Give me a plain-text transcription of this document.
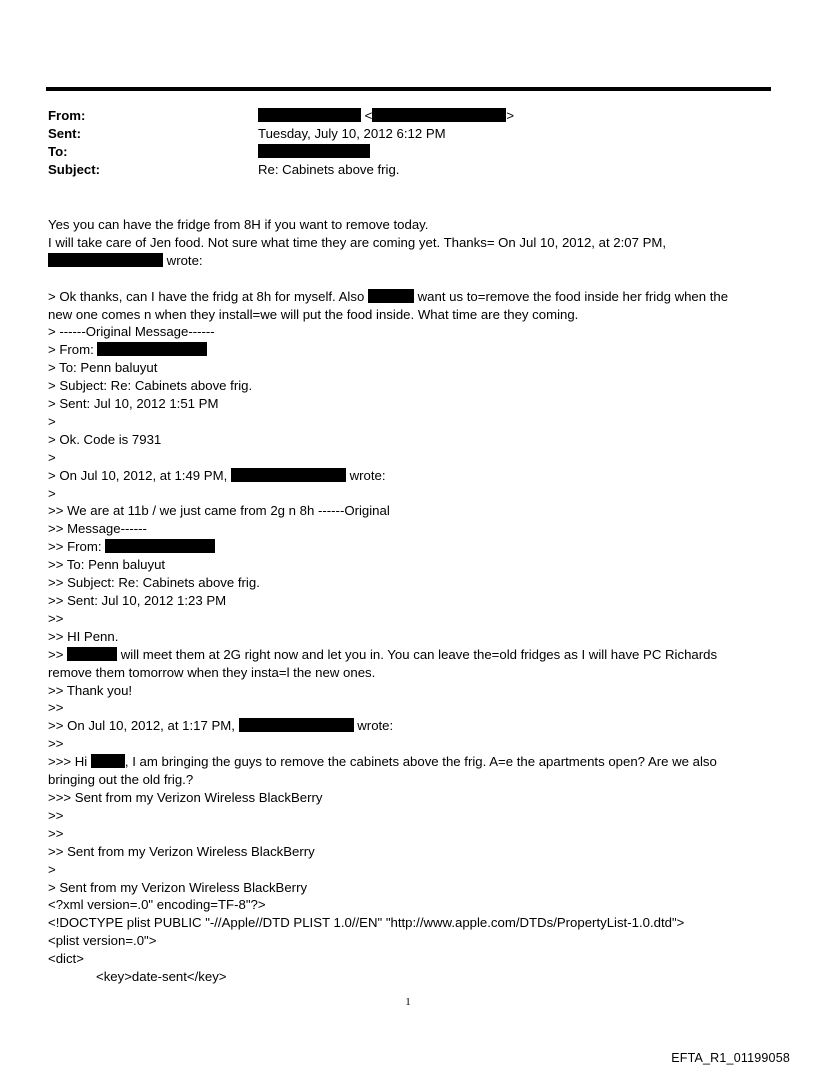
From:	<	>
Sent:	Tuesday, July 10, 2012 6:12 PM
To:
Subject:	Re: Cabinets above frig.
Yes you can have the fridge from 8H if you want to remove today.
I will take care of Jen food. Not sure what time they are coming yet. Thanks= On Jul 10, 2012, at 2:07 PM,
wrote:
> Ok thanks, can I have the fridg at 8h for myself. Also	want us to=remove the food inside her fridg when the
new one comes n when they install=we will put the food inside. What time are they coming.
> ------Original Message------
> From:
> To: Penn baluyut
> Subject: Re: Cabinets above frig.
> Sent: Jul 10, 2012 1:51 PM
>
> Ok. Code is 7931
>
> On Jul 10, 2012, at 1:49 PM,	wrote:
>
>> We are at 11b / we just came from 2g n 8h ------Original
>> Message------
>> From:
>> To: Penn baluyut
>> Subject: Re: Cabinets above frig.
>> Sent: Jul 10, 2012 1:23 PM
>>
>> HI Penn.
>>	will meet them at 2G right now and let you in. You can leave the=old fridges as I will have PC Richards
remove them tomorrow when they insta=l the new ones.
>> Thank you!
>>
>> On Jul 10, 2012, at 1:17 PM,	wrote:
>>
>>> Hi	, I am bringing the guys to remove the cabinets above the frig. A=e the apartments open? Are we also
bringing out the old frig.?
>>> Sent from my Verizon Wireless BlackBerry
>>
>>
>> Sent from my Verizon Wireless BlackBerry
>
> Sent from my Verizon Wireless BlackBerry
<?xml version=.0" encoding=TF-8"?>
<!DOCTYPE plist PUBLIC "-//Apple//DTD PLIST 1.0//EN" "http://www.apple.com/DTDs/PropertyList-1.0.dtd">
<plist version=.0">
<dict>
<key>date-sent</key>
1
EFTA_R1_01199058
